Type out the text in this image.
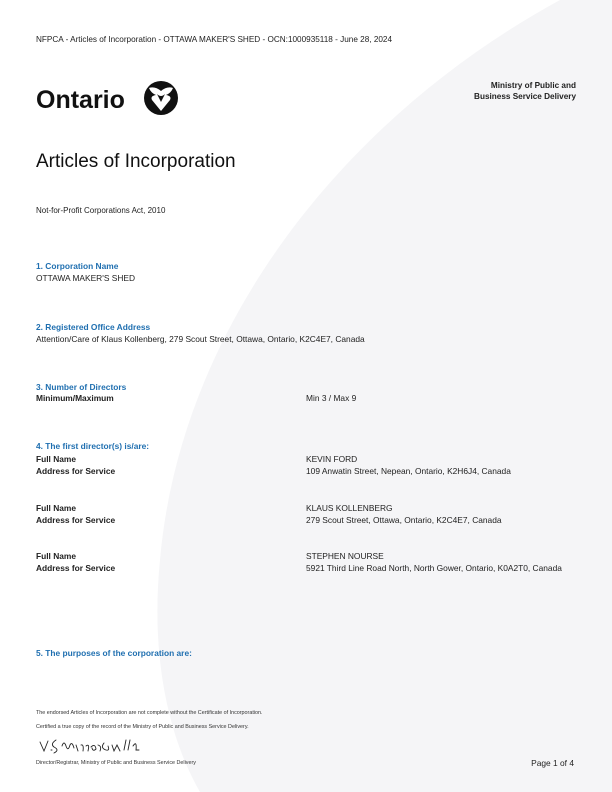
NFPCA - Articles of Incorporation - OTTAWA MAKER'S SHED - OCN:1000935118 - June 28, 2024
Ontario
Ministry of Public and
Business Service Delivery
Articles of Incorporation
Not-for-Profit Corporations Act, 2010
1. Corporation Name
OTTAWA MAKER'S SHED
2. Registered Office Address
Attention/Care of Klaus Kollenberg, 279 Scout Street, Ottawa, Ontario, K2C4E7, Canada
3. Number of Directors
Minimum/Maximum	Min 3 / Max 9
4. The first director(s) is/are:
Full Name
Address for Service
KEVIN FORD
109 Anwatin Street, Nepean, Ontario, K2H6J4, Canada
Full Name
Address for Service
KLAUS KOLLENBERG
279 Scout Street, Ottawa, Ontario, K2C4E7, Canada
Full Name
Address for Service
STEPHEN NOURSE
5921 Third Line Road North, North Gower, Ontario, K0A2T0, Canada
5. The purposes of the corporation are:
The endorsed Articles of Incorporation are not complete without the Certificate of Incorporation.
Certified a true copy of the record of the Ministry of Public and Business Service Delivery.
Director/Registrar, Ministry of Public and Business Service Delivery	Page 1 of 4
